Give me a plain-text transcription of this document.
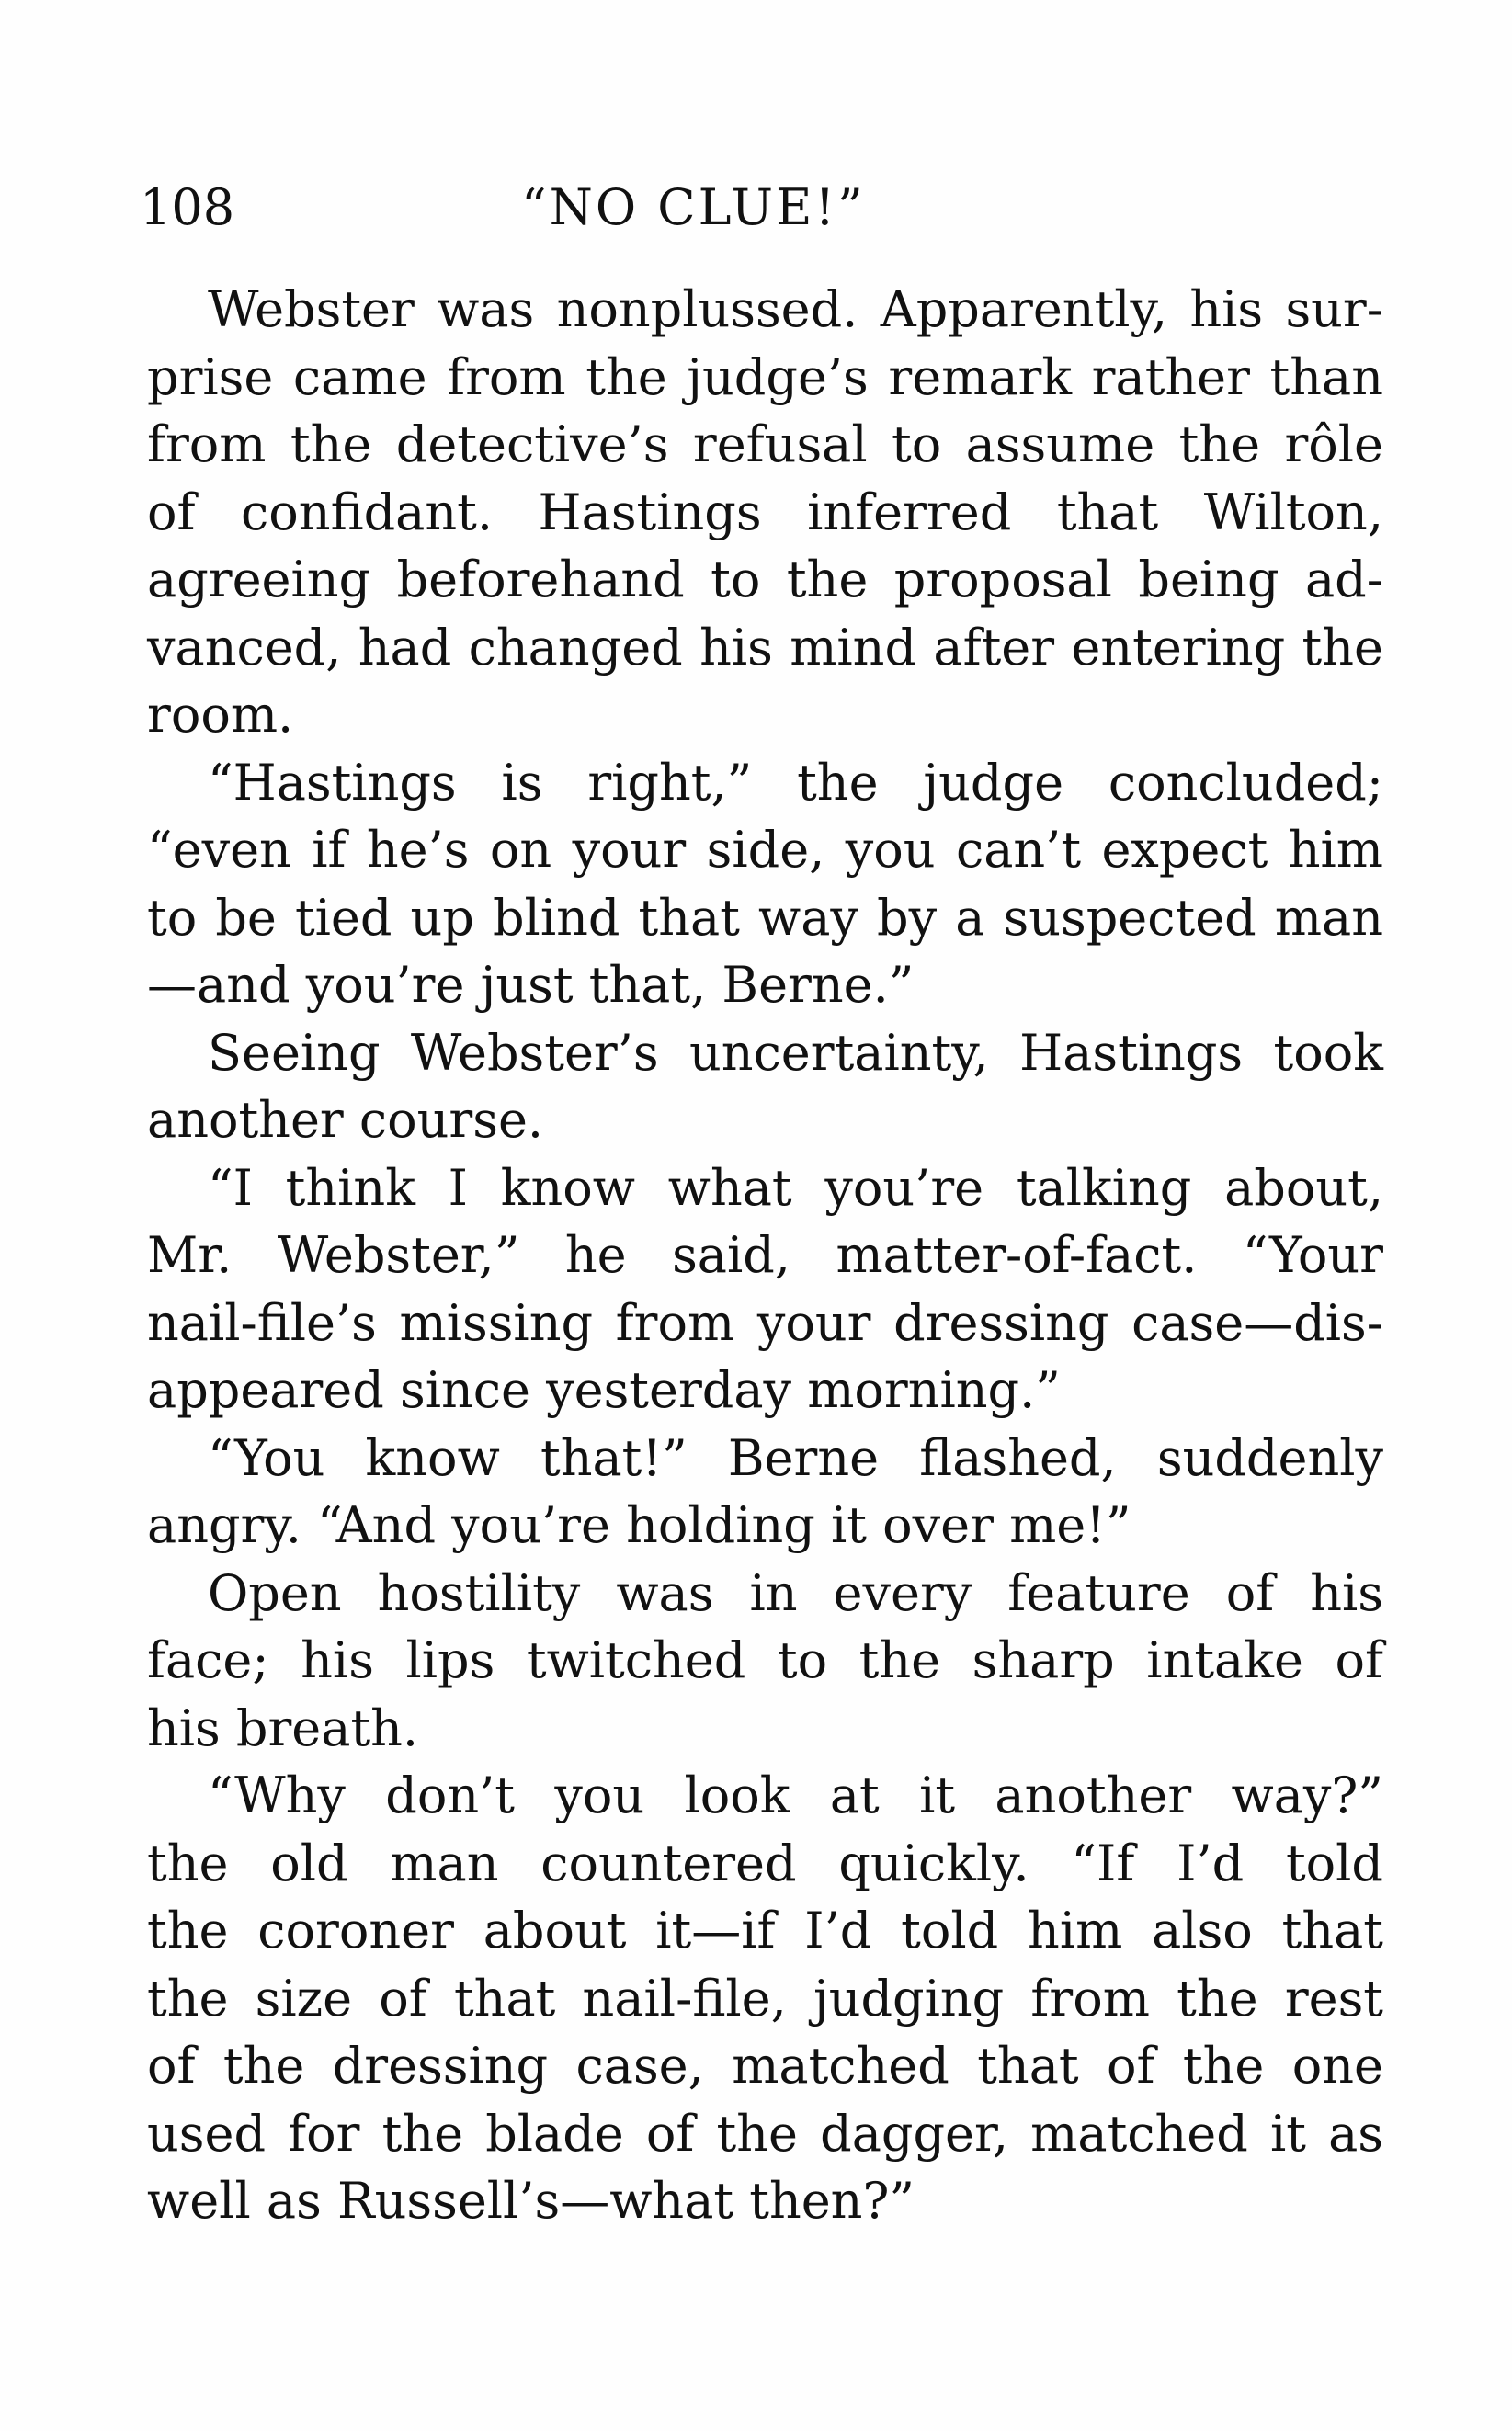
108	“NO CLUE!”
Webster was nonplussed. Apparently, his sur-
prise came from the judge’s remark rather than
from the detective’s refusal to assume the rôle
of confidant. Hastings inferred that Wilton,
agreeing beforehand to the proposal being ad-
vanced, had changed his mind after entering the
room.
“Hastings is right,” the judge concluded;
“even if he’s on your side, you can’t expect him
to be tied up blind that way by a suspected man
—and you’re just that, Berne.”
Seeing Webster’s uncertainty, Hastings took
another course.
“I think I know what you’re talking about,
Mr. Webster,” he said, matter-of-fact. “Your
nail-file’s missing from your dressing case—dis-
appeared since yesterday morning.”
“You know that!” Berne flashed, suddenly
angry. “And you’re holding it over me!”
Open hostility was in every feature of his
face; his lips twitched to the sharp intake of
his breath.
“Why don’t you look at it another way?”
the old man countered quickly. “If I’d told
the coroner about it—if I’d told him also that
the size of that nail-file, judging from the rest
of the dressing case, matched that of the one
used for the blade of the dagger, matched it as
well as Russell’s—what then?”
